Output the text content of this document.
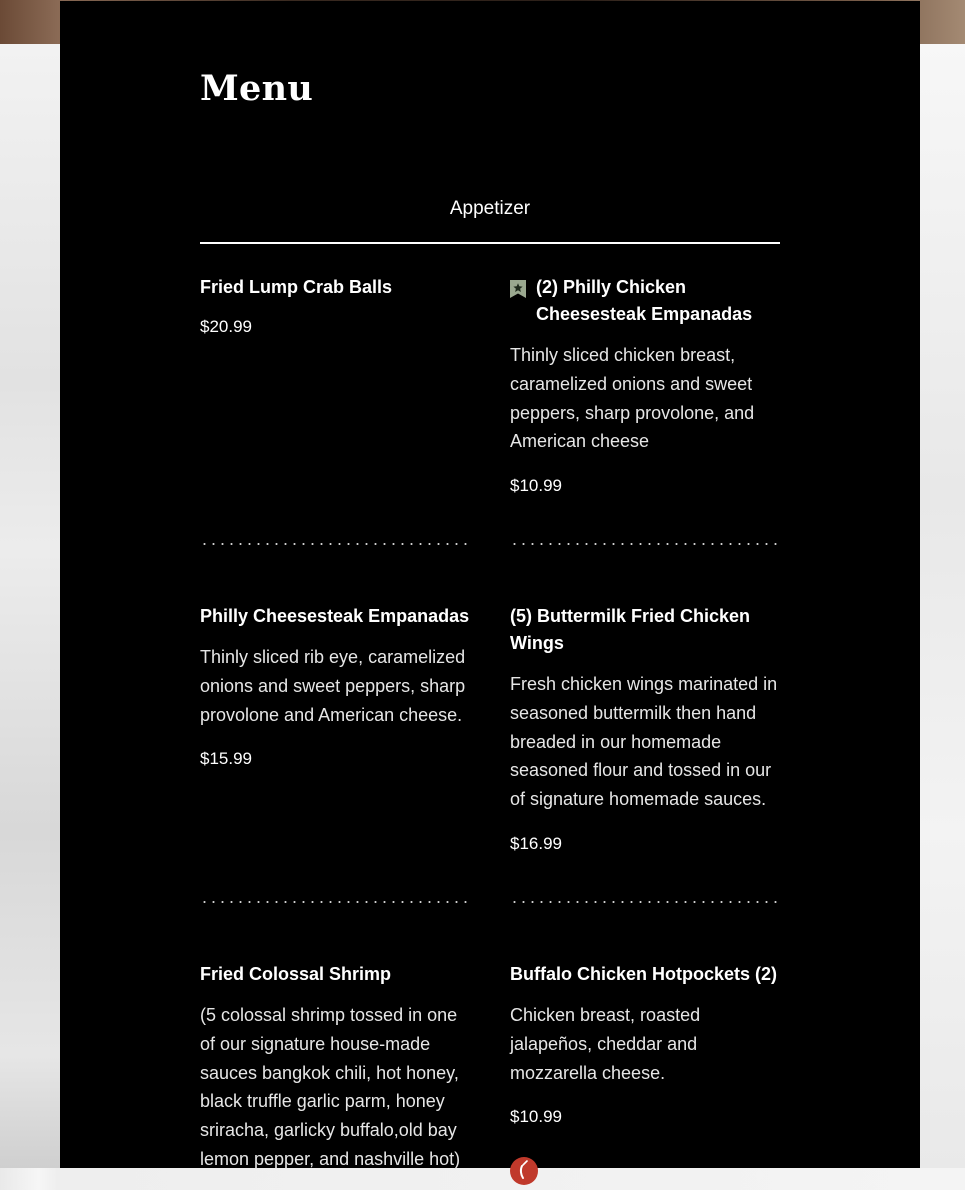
Menu
Appetizer

Fried Lump Crab Balls

$20.99

(2) Philly Chicken Cheesesteak Empanadas

Thinly sliced chicken breast, caramelized onions and sweet peppers, sharp provolone, and American cheese

$10.99

Philly Cheesesteak Empanadas

Thinly sliced rib eye, caramelized onions and sweet peppers, sharp provolone and American cheese.

$15.99

(5) Buttermilk Fried Chicken Wings

Fresh chicken wings marinated in seasoned buttermilk then hand breaded in our homemade seasoned flour and tossed in our of signature homemade sauces.

$16.99

Fried Colossal Shrimp

(5 colossal shrimp tossed in one of our signature house-made sauces bangkok chili, hot honey, black truffle garlic parm, honey sriracha, garlicky buffalo,old bay lemon pepper, and nashville hot)

Buffalo Chicken Hotpockets (2)

Chicken breast, roasted jalapeños, cheddar and mozzarella cheese.

$10.99
